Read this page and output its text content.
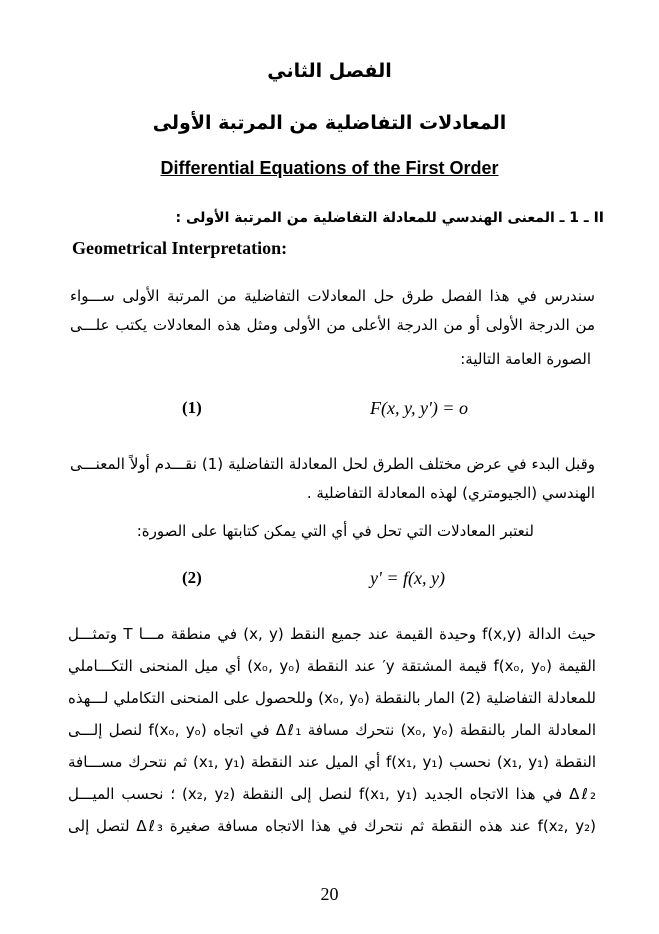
الفصل الثاني
المعادلات التفاضلية من المرتبة الأولى
Differential Equations of the First Order
II ـ 1 ـ المعنى الهندسي للمعادلة التفاضلية من المرتبة الأولى :
Geometrical Interpretation:
سندرس في هذا الفصل طرق حل المعادلات التفاضلية من المرتبة الأولى ســـواء
من الدرجة الأولى أو من الدرجة الأعلى من الأولى ومثل هذه المعادلات يكتب علـــى
الصورة العامة التالية:
(1)	F(x, y, y') = o
وقبل البدء في عرض مختلف الطرق لحل المعادلة التفاضلية (1) نقـــدم أولاً المعنـــى
الهندسي (الجيومتري) لهذه المعادلة التفاضلية .
لنعتبر المعادلات التي تحل في أي التي يمكن كتابتها على الصورة:
(2)	y' = f(x, y)
حيث الدالة f(x,y) وحيدة القيمة عند جميع النقط (x, y) في منطقة مـــا T وتمثـــل
القيمة f(xₒ, yₒ) قيمة المشتقة y′ عند النقطة (xₒ, yₒ) أي ميل المنحنى التكـــاملي
للمعادلة التفاضلية (2) المار بالنقطة (xₒ, yₒ) وللحصول على المنحنى التكاملي لـــهذه
المعادلة المار بالنقطة (xₒ, yₒ) نتحرك مسافة Δℓ₁ في اتجاه f(xₒ, yₒ) لنصل إلـــى
النقطة (x₁, y₁) نحسب f(x₁, y₁) أي الميل عند النقطة (x₁, y₁) ثم نتحرك مســـافة
Δℓ₂ في هذا الاتجاه الجديد f(x₁, y₁) لنصل إلى النقطة (x₂, y₂) ؛ نحسب الميـــل
f(x₂, y₂) عند هذه النقطة ثم نتحرك في هذا الاتجاه مسافة صغيرة Δℓ₃ لتصل إلى
20
